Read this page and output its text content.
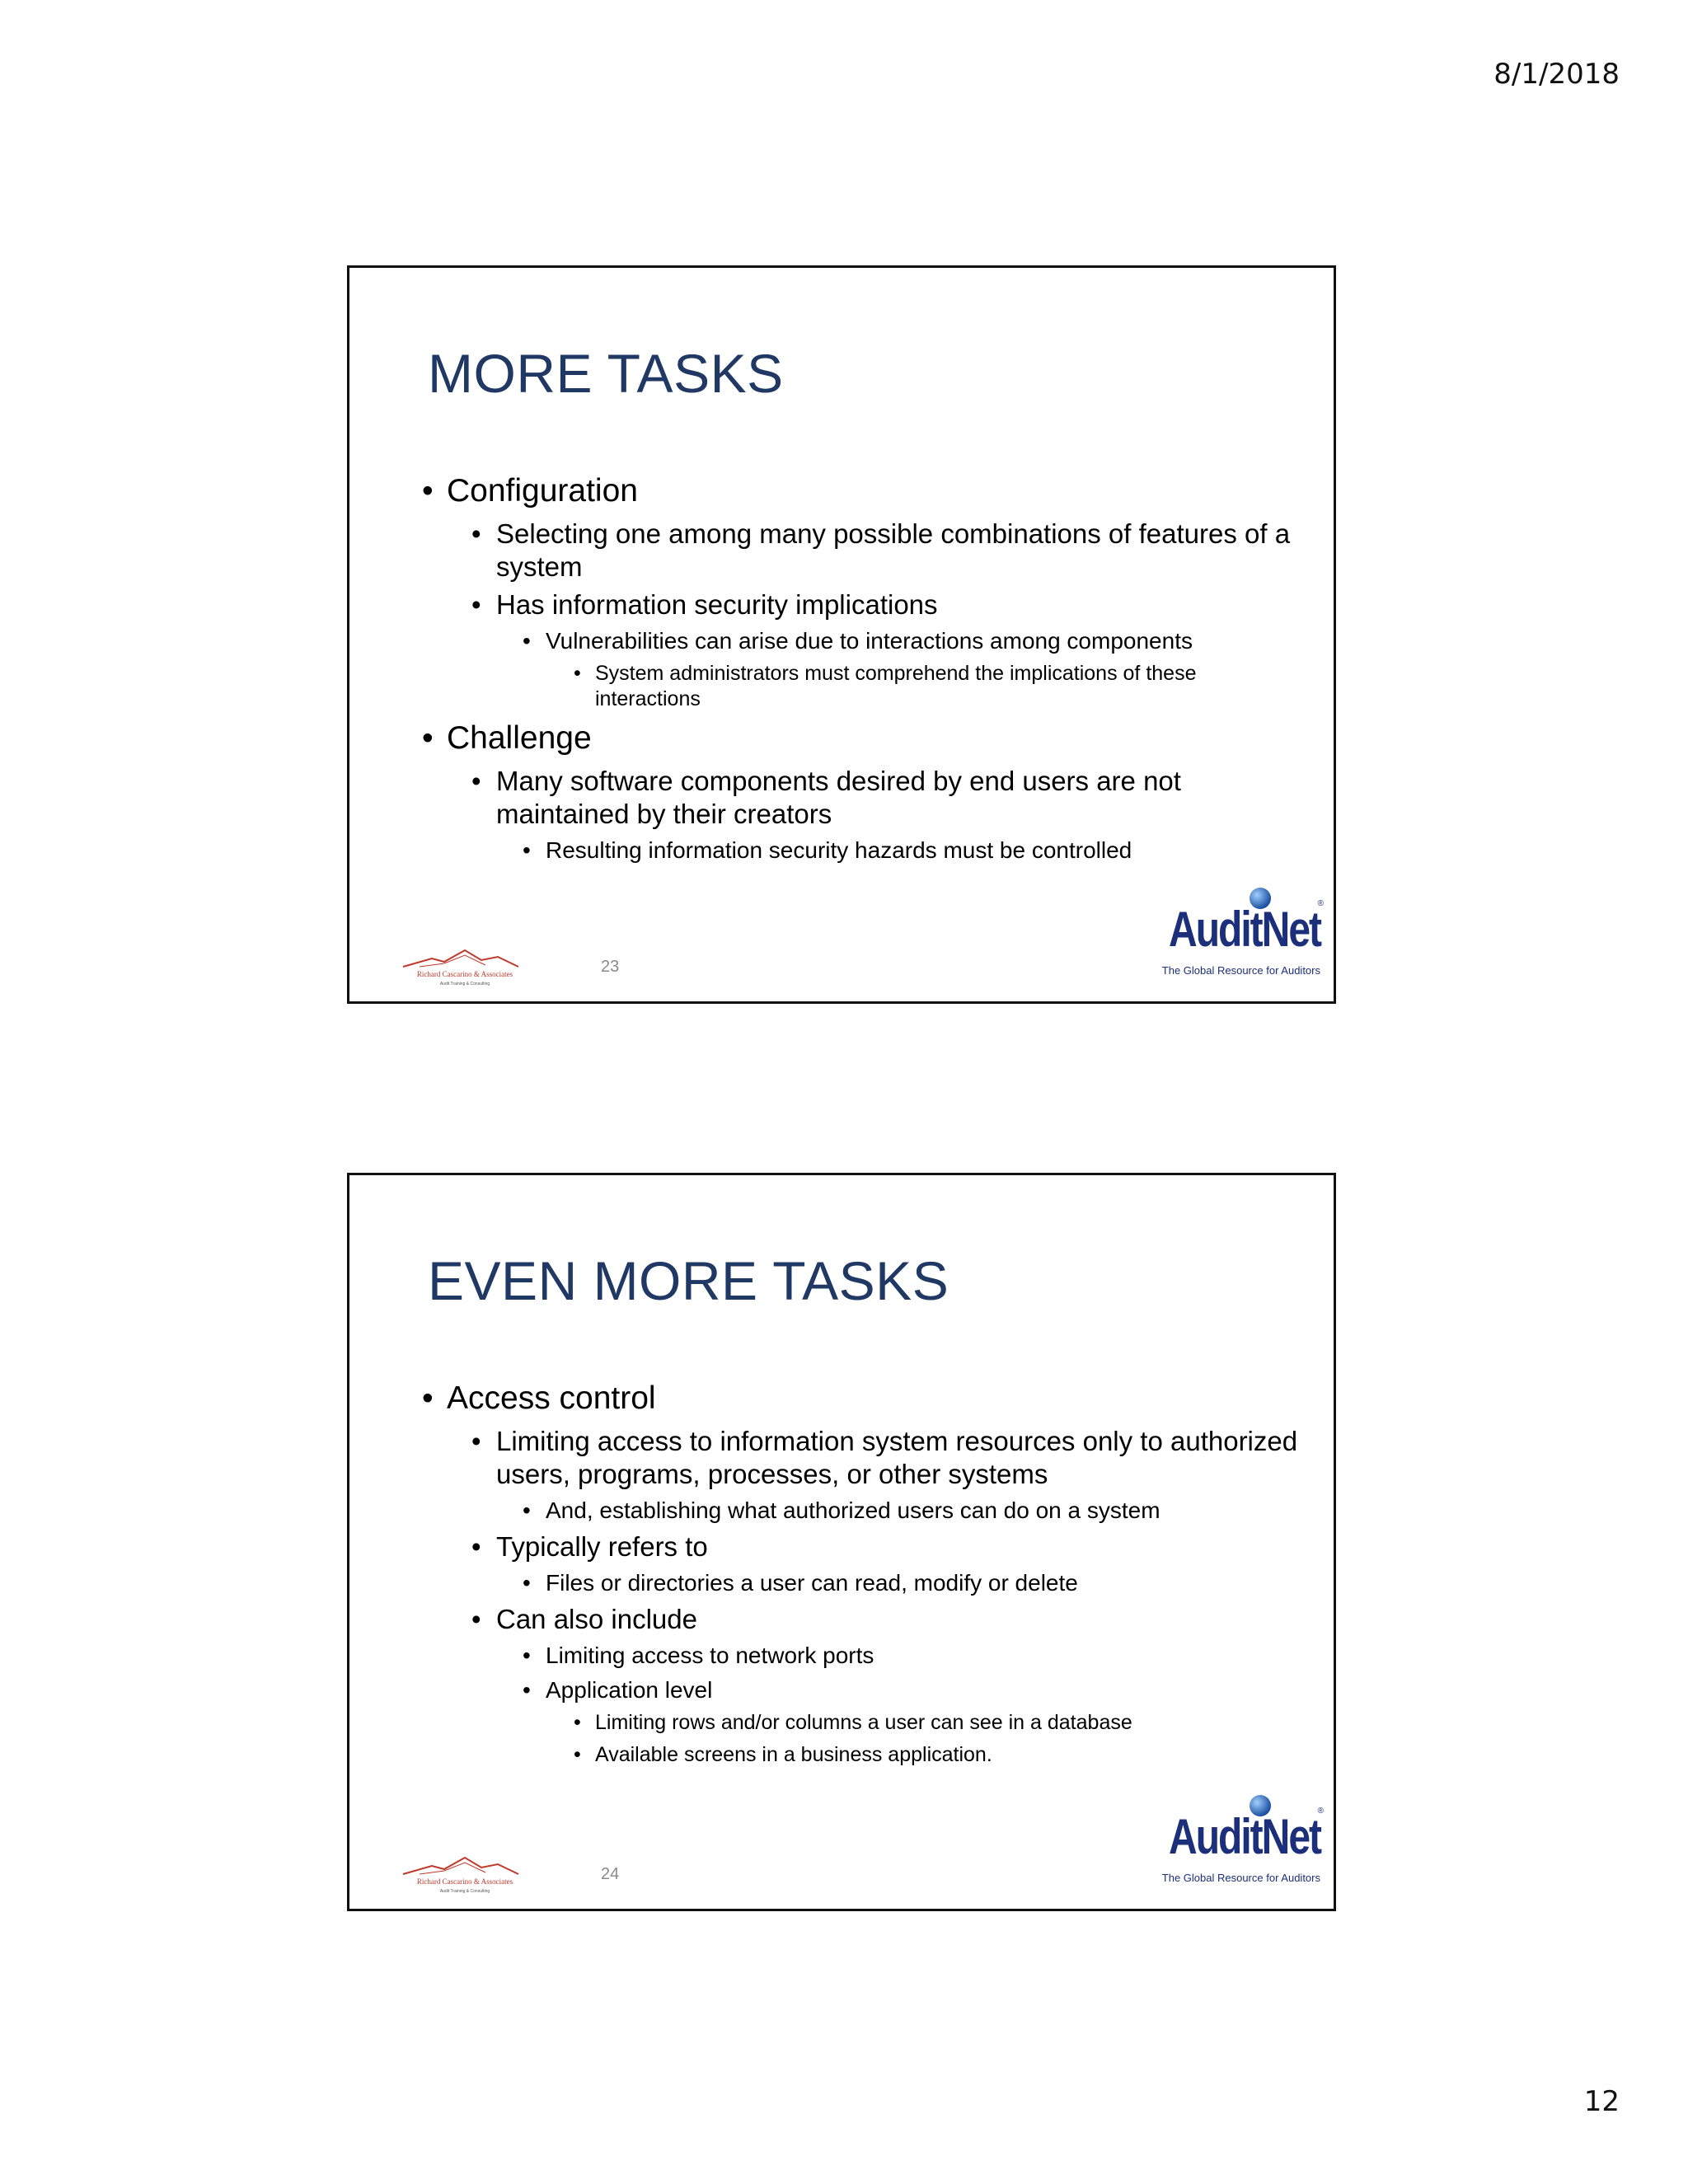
8/1/2018
MORE TASKS
• Configuration
• Selecting one among many possible combinations of features of a system
• Has information security implications
• Vulnerabilities can arise due to interactions among components
• System administrators must comprehend the implications of these interactions
• Challenge
• Many software components desired by end users are not maintained by their creators
• Resulting information security hazards must be controlled
Richard Cascarino & Associates
Audit Training & Consulting
23
®
AuditNet
The Global Resource for Auditors
EVEN MORE TASKS
• Access control
• Limiting access to information system resources only to authorized users, programs, processes, or other systems
• And, establishing what authorized users can do on a system
• Typically refers to
• Files or directories a user can read, modify or delete
• Can also include
• Limiting access to network ports
• Application level
• Limiting rows and/or columns a user can see in a database
• Available screens in a business application.
Richard Cascarino & Associates
Audit Training & Consulting
24
®
AuditNet
The Global Resource for Auditors
12
